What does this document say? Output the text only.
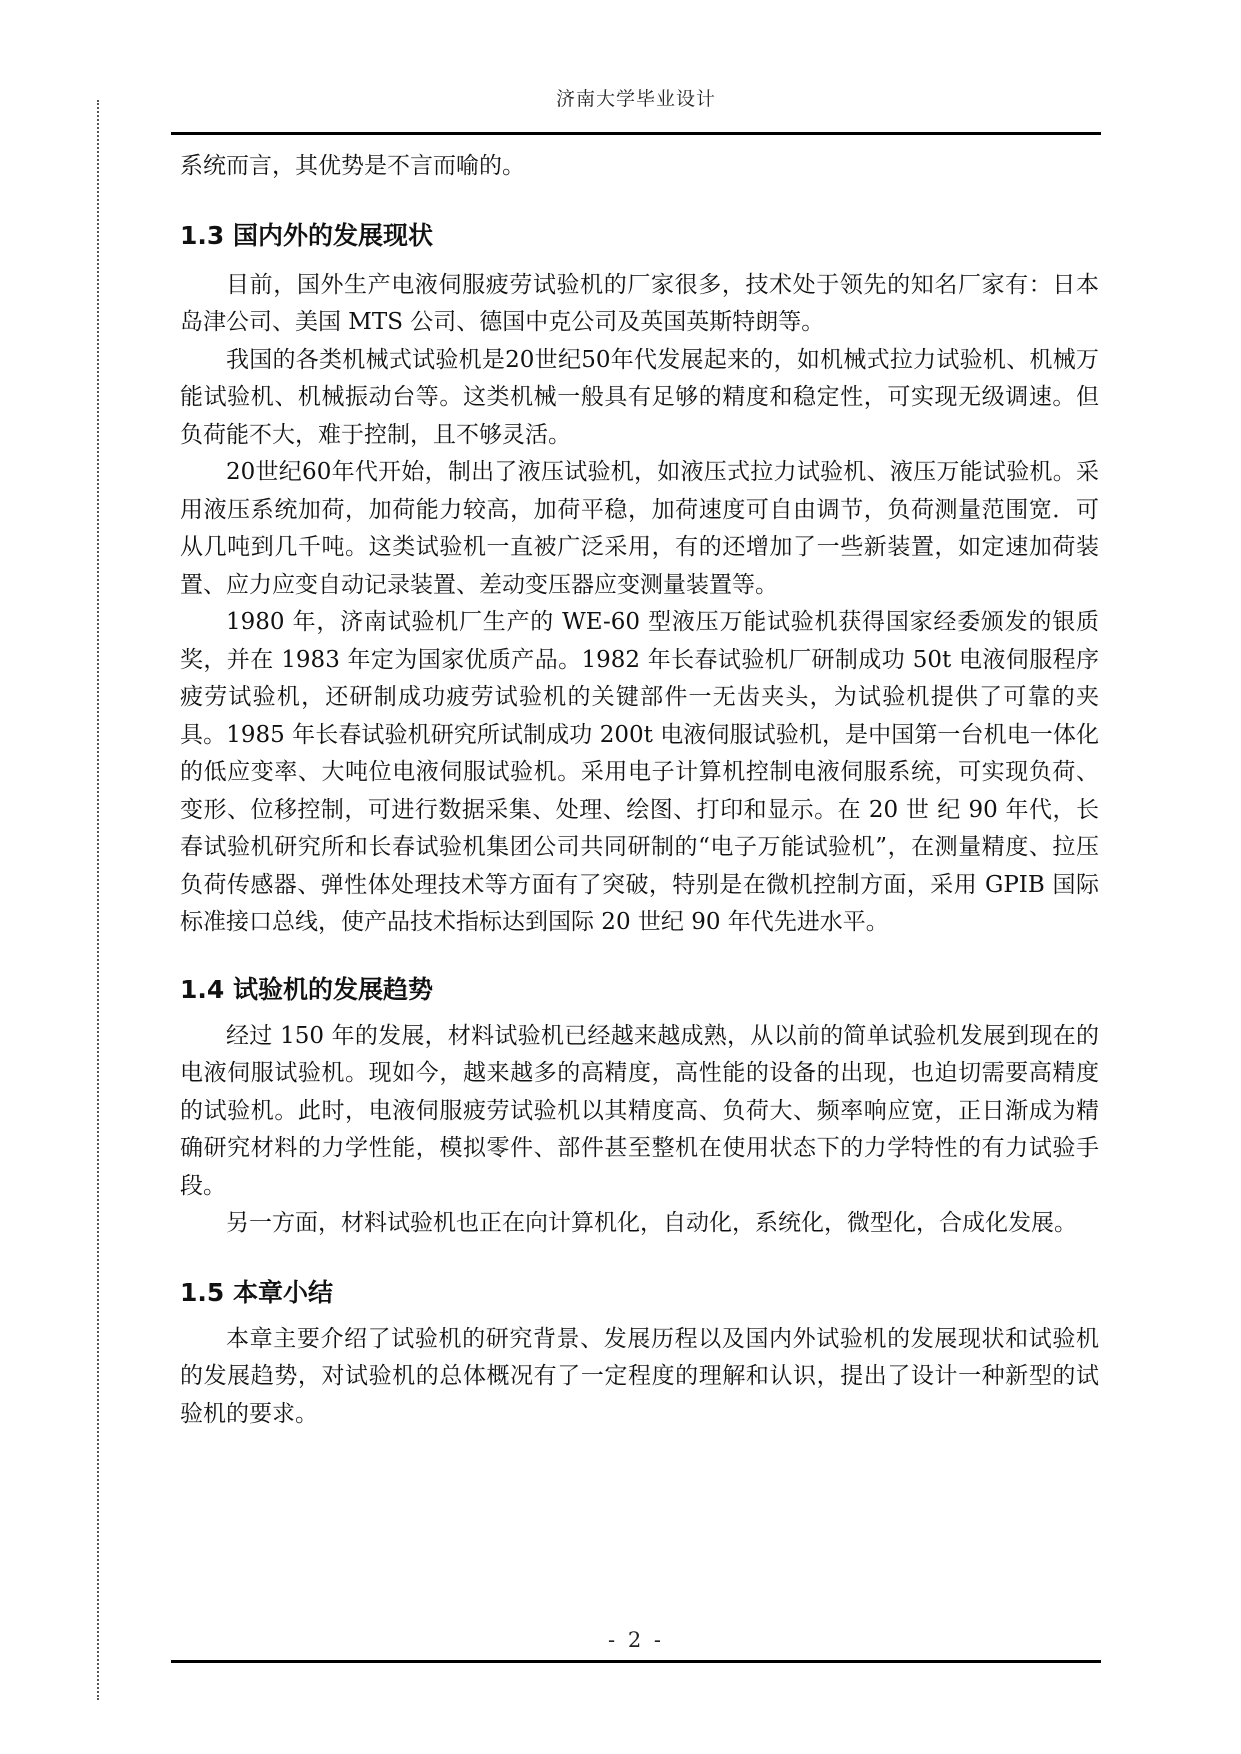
济南大学毕业设计

系统而言，其优势是不言而喻的。

1.3 国内外的发展现状

目前，国外生产电液伺服疲劳试验机的厂家很多，技术处于领先的知名厂家有：日本岛津公司、美国 MTS 公司、德国中克公司及英国英斯特朗等。

我国的各类机械式试验机是20世纪50年代发展起来的，如机械式拉力试验机、机械万能试验机、机械振动台等。这类机械一般具有足够的精度和稳定性，可实现无级调速。但负荷能不大，难于控制，且不够灵活。

20世纪60年代开始，制出了液压试验机，如液压式拉力试验机、液压万能试验机。采用液压系统加荷，加荷能力较高，加荷平稳，加荷速度可自由调节，负荷测量范围宽．可从几吨到几千吨。这类试验机一直被广泛采用，有的还增加了一些新装置，如定速加荷装置、应力应变自动记录装置、差动变压器应变测量装置等。

1980 年，济南试验机厂生产的 WE-60 型液压万能试验机获得国家经委颁发的银质奖，并在 1983 年定为国家优质产品。1982 年长春试验机厂研制成功 50t 电液伺服程序疲劳试验机，还研制成功疲劳试验机的关键部件一无齿夹头，为试验机提供了可靠的夹具。1985 年长春试验机研究所试制成功 200t 电液伺服试验机，是中国第一台机电一体化的低应变率、大吨位电液伺服试验机。采用电子计算机控制电液伺服系统，可实现负荷、变形、位移控制，可进行数据采集、处理、绘图、打印和显示。在 20 世 纪 90 年代，长春试验机研究所和长春试验机集团公司共同研制的“电子万能试验机”，在测量精度、拉压负荷传感器、弹性体处理技术等方面有了突破，特别是在微机控制方面，采用 GPIB 国际标准接口总线，使产品技术指标达到国际 20 世纪 90 年代先进水平。

1.4 试验机的发展趋势

经过 150 年的发展，材料试验机已经越来越成熟，从以前的简单试验机发展到现在的电液伺服试验机。现如今，越来越多的高精度，高性能的设备的出现，也迫切需要高精度的试验机。此时，电液伺服疲劳试验机以其精度高、负荷大、频率响应宽，正日渐成为精确研究材料的力学性能，模拟零件、部件甚至整机在使用状态下的力学特性的有力试验手段。

另一方面，材料试验机也正在向计算机化，自动化，系统化，微型化，合成化发展。

1.5 本章小结

本章主要介绍了试验机的研究背景、发展历程以及国内外试验机的发展现状和试验机的发展趋势，对试验机的总体概况有了一定程度的理解和认识，提出了设计一种新型的试验机的要求。

- 2 -
